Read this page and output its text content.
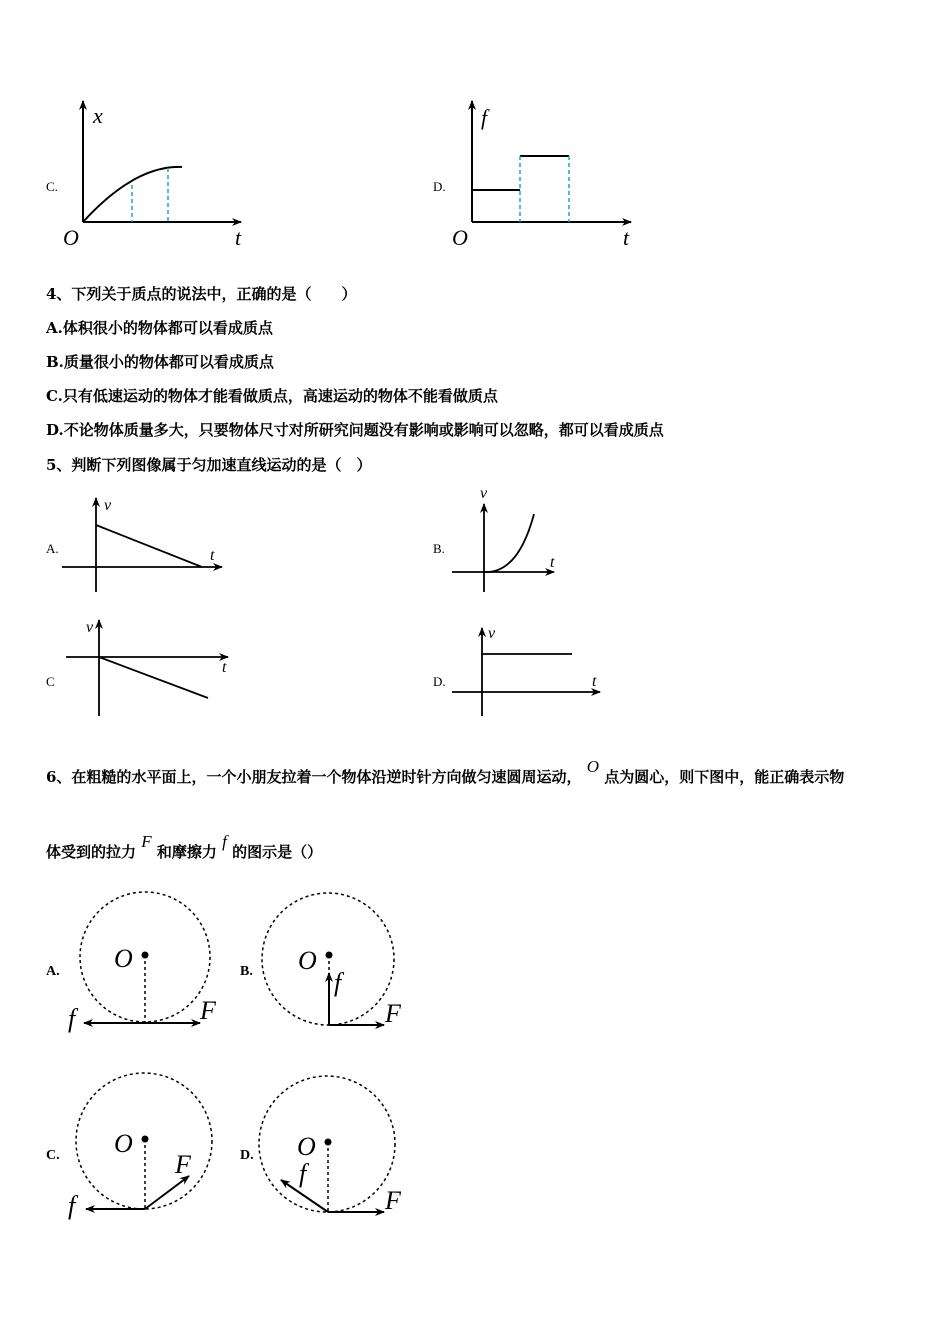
C.
x
t
O
D.
f
t
O
4、下列关于质点的说法中，正确的是（　　）
A.体积很小的物体都可以看成质点
B.质量很小的物体都可以看成质点
C.只有低速运动的物体才能看做质点，高速运动的物体不能看做质点
D.不论物体质量多大，只要物体尺寸对所研究问题没有影响或影响可以忽略，都可以看成质点
5、判断下列图像属于匀加速直线运动的是（　）
A.
v
t	B.
v
t
C
v
t
D.
v
t
6、在粗糙的水平面上，一个小朋友拉着一个物体沿逆时针方向做匀速圆周运动， O 点为圆心，则下图中，能正确表示物
体受到的拉力 F 和摩擦力 f 的图示是（）
A. O
F
f
B. O
F
f
C. O
F
f
D. O
F
f
